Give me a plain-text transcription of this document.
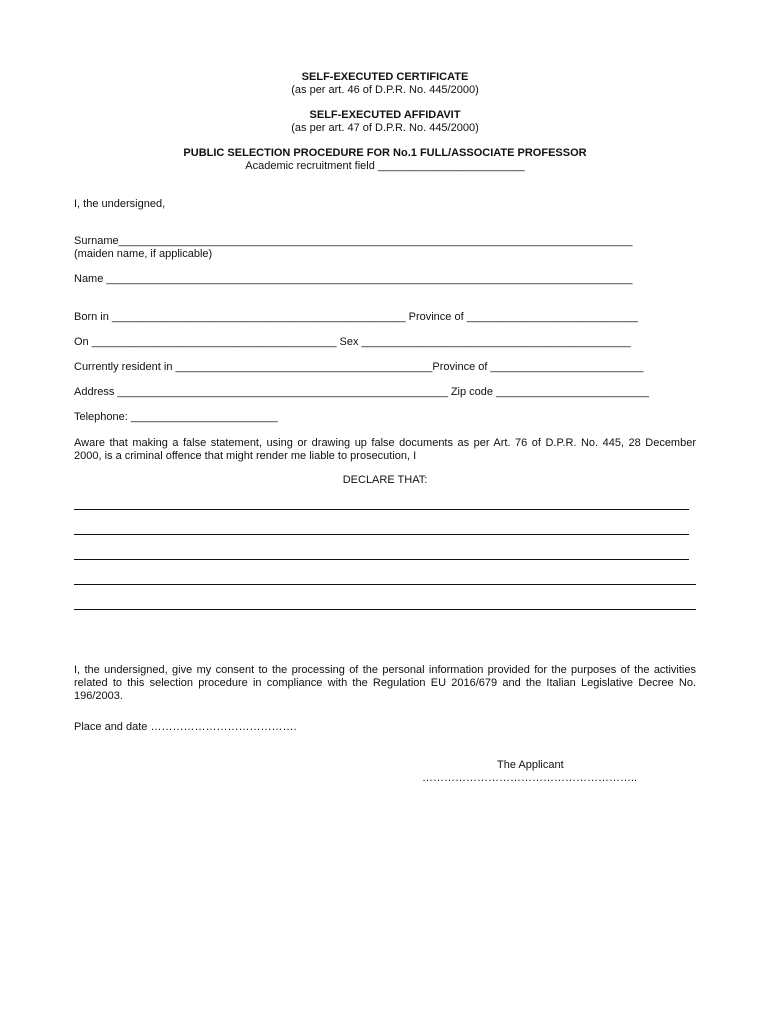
SELF-EXECUTED CERTIFICATE
(as per art. 46 of D.P.R. No. 445/2000)
SELF-EXECUTED AFFIDAVIT
(as per art. 47 of D.P.R. No. 445/2000)
PUBLIC SELECTION PROCEDURE FOR No.1 FULL/ASSOCIATE PROFESSOR
Academic recruitment field ________________________
I, the undersigned,
Surname____________________________________________________________________________________
(maiden name, if applicable)
Name ______________________________________________________________________________________
Born in ________________________________________________ Province of ____________________________
On ________________________________________ Sex ____________________________________________
Currently resident in __________________________________________Province of _________________________
Address ______________________________________________________ Zip code _________________________
Telephone: ________________________
Aware that making a false statement, using or drawing up false documents as per Art. 76 of D.P.R. No. 445, 28 December 2000, is a criminal offence that might render me liable to prosecution, I
DECLARE THAT:
I, the undersigned, give my consent to the processing of the personal information provided for the purposes of the activities related to this selection procedure in compliance with the Regulation EU 2016/679 and the Italian Legislative Decree No. 196/2003.
Place and date ………………………………….
The Applicant
…………………………………………………..
